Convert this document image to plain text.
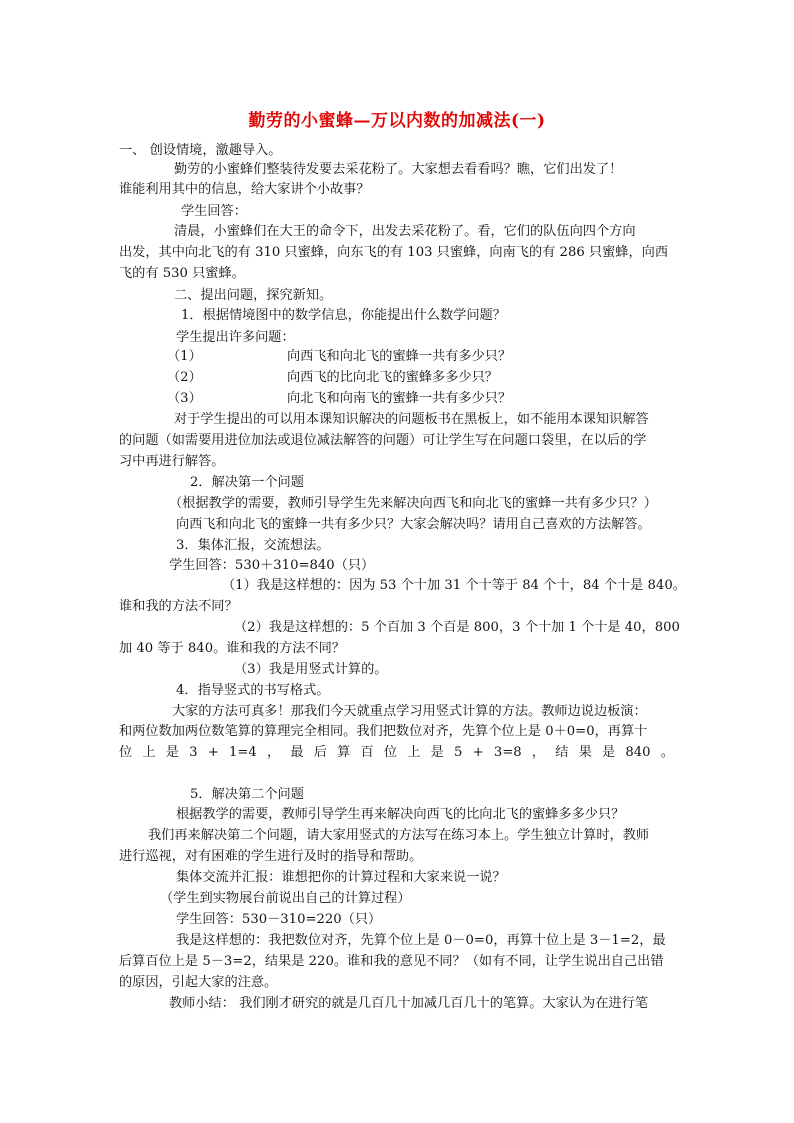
勤劳的小蜜蜂—万以内数的加减法(一)
一、 创设情境，激趣导入。
勤劳的小蜜蜂们整装待发要去采花粉了。大家想去看看吗？瞧，它们出发了！
谁能利用其中的信息，给大家讲个小故事？
学生回答：
清晨，小蜜蜂们在大王的命令下，出发去采花粉了。看，它们的队伍向四个方向
出发，其中向北飞的有 310 只蜜蜂，向东飞的有 103 只蜜蜂，向南飞的有 286 只蜜蜂，向西
飞的有 530 只蜜蜂。
二、提出问题，探究新知。
1．根据情境图中的数学信息，你能提出什么数学问题？
学生提出许多问题：
（1）	向西飞和向北飞的蜜蜂一共有多少只？
（2）	向西飞的比向北飞的蜜蜂多多少只？
（3）	向北飞和向南飞的蜜蜂一共有多少只？
对于学生提出的可以用本课知识解决的问题板书在黑板上，如不能用本课知识解答
的问题（如需要用进位加法或退位减法解答的问题）可让学生写在问题口袋里，在以后的学
习中再进行解答。
2．解决第一个问题
（根据教学的需要，教师引导学生先来解决向西飞和向北飞的蜜蜂一共有多少只？）
向西飞和向北飞的蜜蜂一共有多少只？大家会解决吗？请用自己喜欢的方法解答。
3．集体汇报，交流想法。
学生回答：530＋310=840（只）
（1）我是这样想的：因为 53 个十加 31 个十等于 84 个十，84 个十是 840。
谁和我的方法不同？
（2）我是这样想的：5 个百加 3 个百是 800，3 个十加 1 个十是 40，800
加 40 等于 840。谁和我的方法不同？
（3）我是用竖式计算的。
4．指导竖式的书写格式。
大家的方法可真多！那我们今天就重点学习用竖式计算的方法。教师边说边板演：
和两位数加两位数笔算的算理完全相同。我们把数位对齐，先算个位上是 0＋0=0，再算十
位 上 是 3 + 1=4 ， 最 后 算 百 位 上 是 5 + 3=8 ， 结 果 是 840 。
5．解决第二个问题
根据教学的需要，教师引导学生再来解决向西飞的比向北飞的蜜蜂多多少只？
我们再来解决第二个问题，请大家用竖式的方法写在练习本上。学生独立计算时，教师
进行巡视，对有困难的学生进行及时的指导和帮助。
集体交流并汇报：谁想把你的计算过程和大家来说一说？
（学生到实物展台前说出自己的计算过程）
学生回答：530－310=220（只）
我是这样想的：我把数位对齐，先算个位上是 0－0=0，再算十位上是 3－1=2，最
后算百位上是 5－3=2，结果是 220。谁和我的意见不同？（如有不同，让学生说出自己出错
的原因，引起大家的注意。
教师小结： 我们刚才研究的就是几百几十加减几百几十的笔算。大家认为在进行笔
